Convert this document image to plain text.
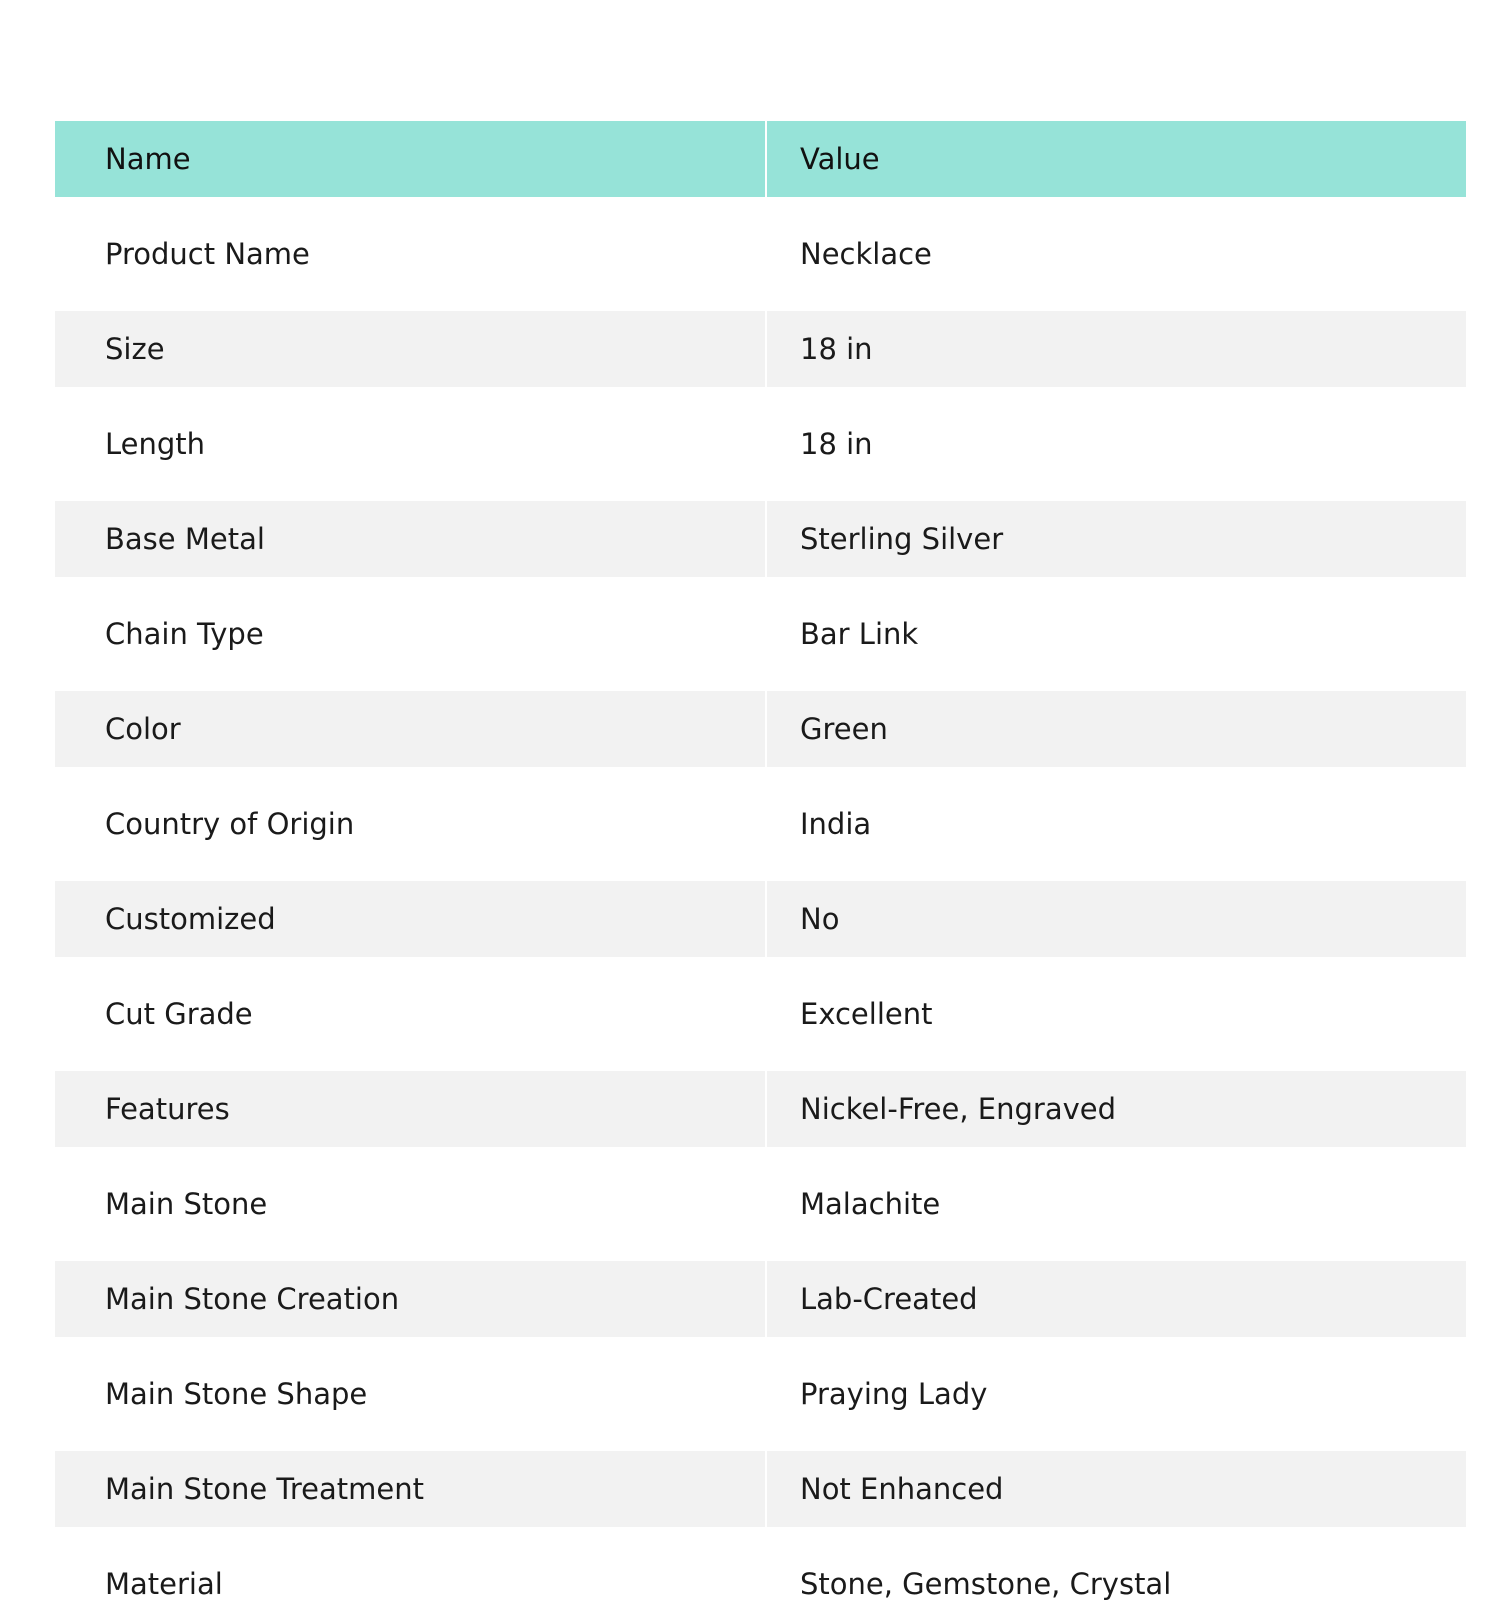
Name	Value
Product Name	Necklace
Size	18 in
Length	18 in
Base Metal	Sterling Silver
Chain Type	Bar Link
Color	Green
Country of Origin	India
Customized	No
Cut Grade	Excellent
Features	Nickel-Free, Engraved
Main Stone	Malachite
Main Stone Creation	Lab-Created
Main Stone Shape	Praying Lady
Main Stone Treatment	Not Enhanced
Material	Stone, Gemstone, Crystal
